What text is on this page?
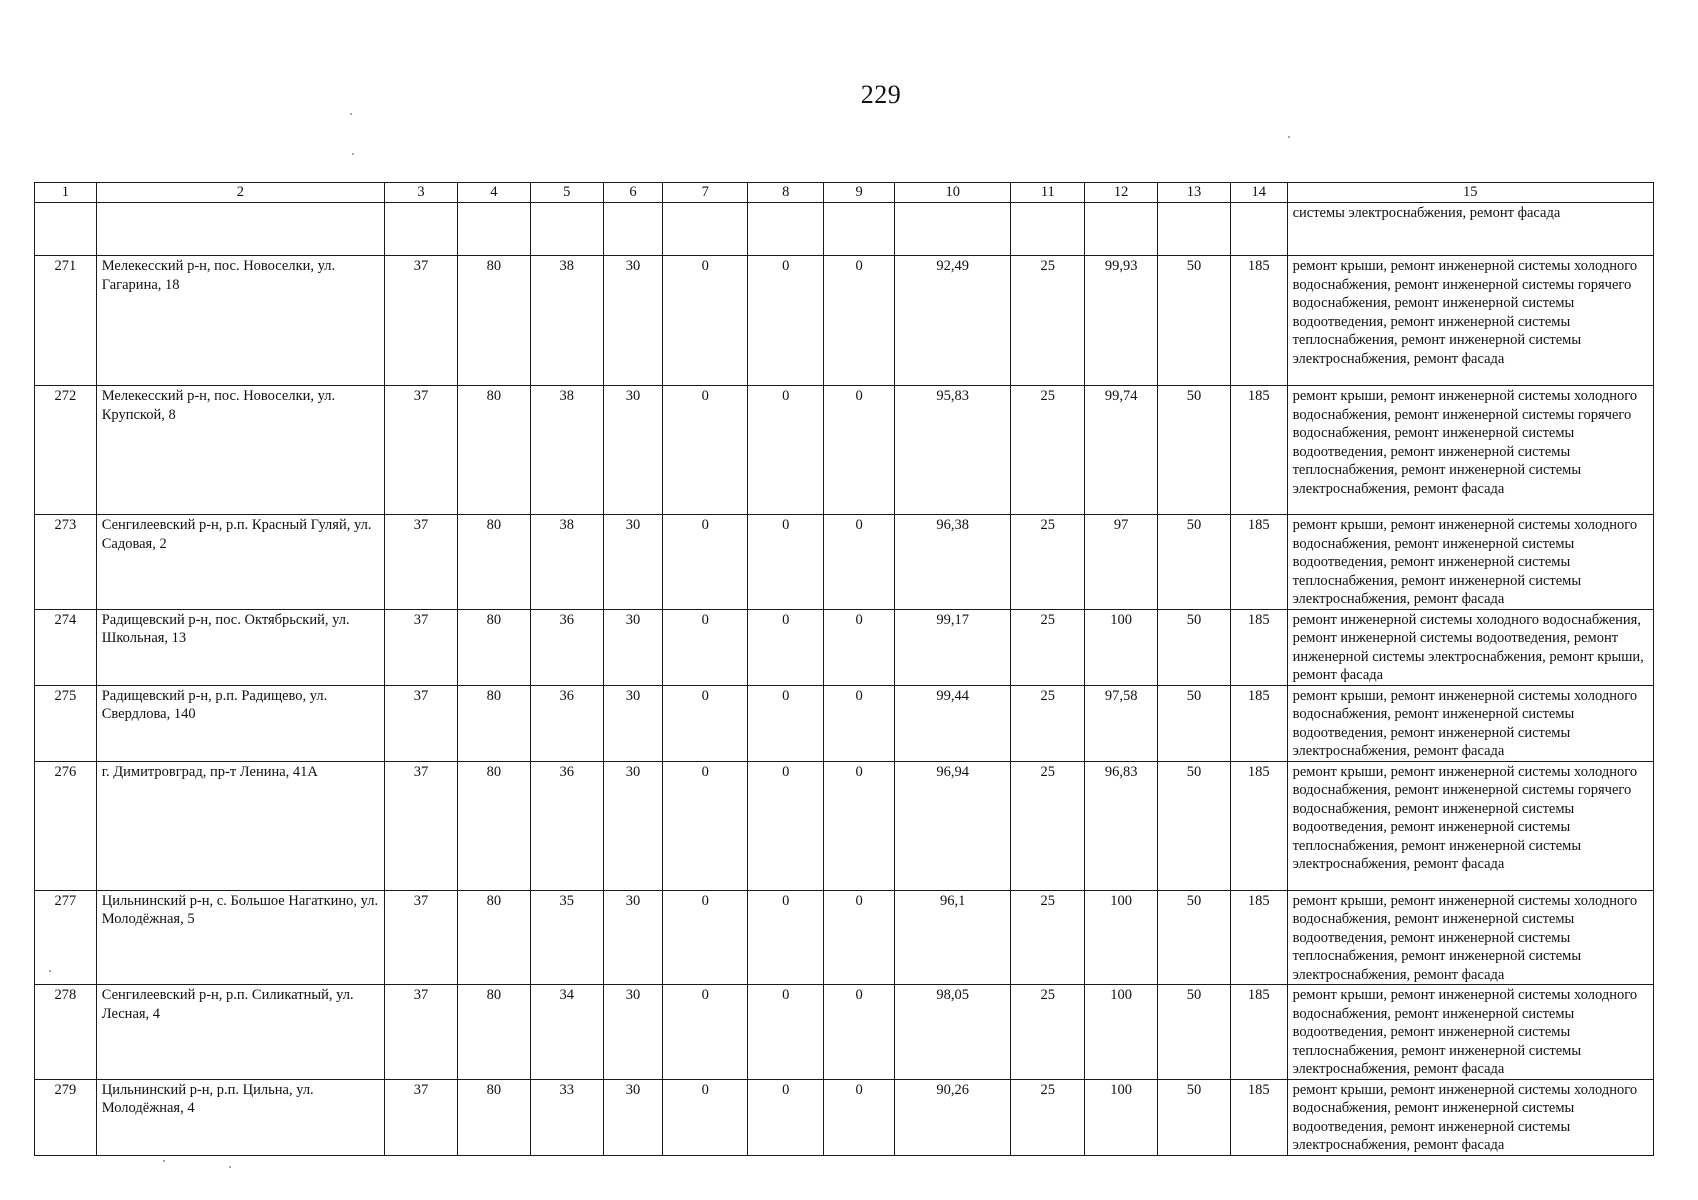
229
1	2	3	4	5	6	7	8	9	10	11	12	13	14	15
														системы электроснабжения, ремонт фасада
271	Мелекесский р-н, пос. Новоселки, ул. Гагарина, 18	37	80	38	30	0	0	0	92,49	25	99,93	50	185	ремонт крыши, ремонт инженерной системы холодного водоснабжения, ремонт инженерной системы горячего водоснабжения, ремонт инженерной системы водоотведения, ремонт инженерной системы теплоснабжения, ремонт инженерной системы электроснабжения, ремонт фасада
272	Мелекесский р-н, пос. Новоселки, ул. Крупской, 8	37	80	38	30	0	0	0	95,83	25	99,74	50	185	ремонт крыши, ремонт инженерной системы холодного водоснабжения, ремонт инженерной системы горячего водоснабжения, ремонт инженерной системы водоотведения, ремонт инженерной системы теплоснабжения, ремонт инженерной системы электроснабжения, ремонт фасада
273	Сенгилеевский р-н, р.п. Красный Гуляй, ул. Садовая, 2	37	80	38	30	0	0	0	96,38	25	97	50	185	ремонт крыши, ремонт инженерной системы холодного водоснабжения, ремонт инженерной системы водоотведения, ремонт инженерной системы теплоснабжения, ремонт инженерной системы электроснабжения, ремонт фасада
274	Радищевский р-н, пос. Октябрьский, ул. Школьная, 13	37	80	36	30	0	0	0	99,17	25	100	50	185	ремонт инженерной системы холодного водоснабжения, ремонт инженерной системы водоотведения, ремонт инженерной системы электроснабжения, ремонт крыши, ремонт фасада
275	Радищевский р-н, р.п. Радищево, ул. Свердлова, 140	37	80	36	30	0	0	0	99,44	25	97,58	50	185	ремонт крыши, ремонт инженерной системы холодного водоснабжения, ремонт инженерной системы водоотведения, ремонт инженерной системы электроснабжения, ремонт фасада
276	г. Димитровград, пр-т Ленина, 41А	37	80	36	30	0	0	0	96,94	25	96,83	50	185	ремонт крыши, ремонт инженерной системы холодного водоснабжения, ремонт инженерной системы горячего водоснабжения, ремонт инженерной системы водоотведения, ремонт инженерной системы теплоснабжения, ремонт инженерной системы электроснабжения, ремонт фасада
277	Цильнинский р-н, с. Большое Нагаткино, ул. Молодёжная, 5	37	80	35	30	0	0	0	96,1	25	100	50	185	ремонт крыши, ремонт инженерной системы холодного водоснабжения, ремонт инженерной системы водоотведения, ремонт инженерной системы теплоснабжения, ремонт инженерной системы электроснабжения, ремонт фасада
278	Сенгилеевский р-н, р.п. Силикатный, ул. Лесная, 4	37	80	34	30	0	0	0	98,05	25	100	50	185	ремонт крыши, ремонт инженерной системы холодного водоснабжения, ремонт инженерной системы водоотведения, ремонт инженерной системы теплоснабжения, ремонт инженерной системы электроснабжения, ремонт фасада
279	Цильнинский р-н, р.п. Цильна, ул. Молодёжная, 4	37	80	33	30	0	0	0	90,26	25	100	50	185	ремонт крыши, ремонт инженерной системы холодного водоснабжения, ремонт инженерной системы водоотведения, ремонт инженерной системы электроснабжения, ремонт фасада
